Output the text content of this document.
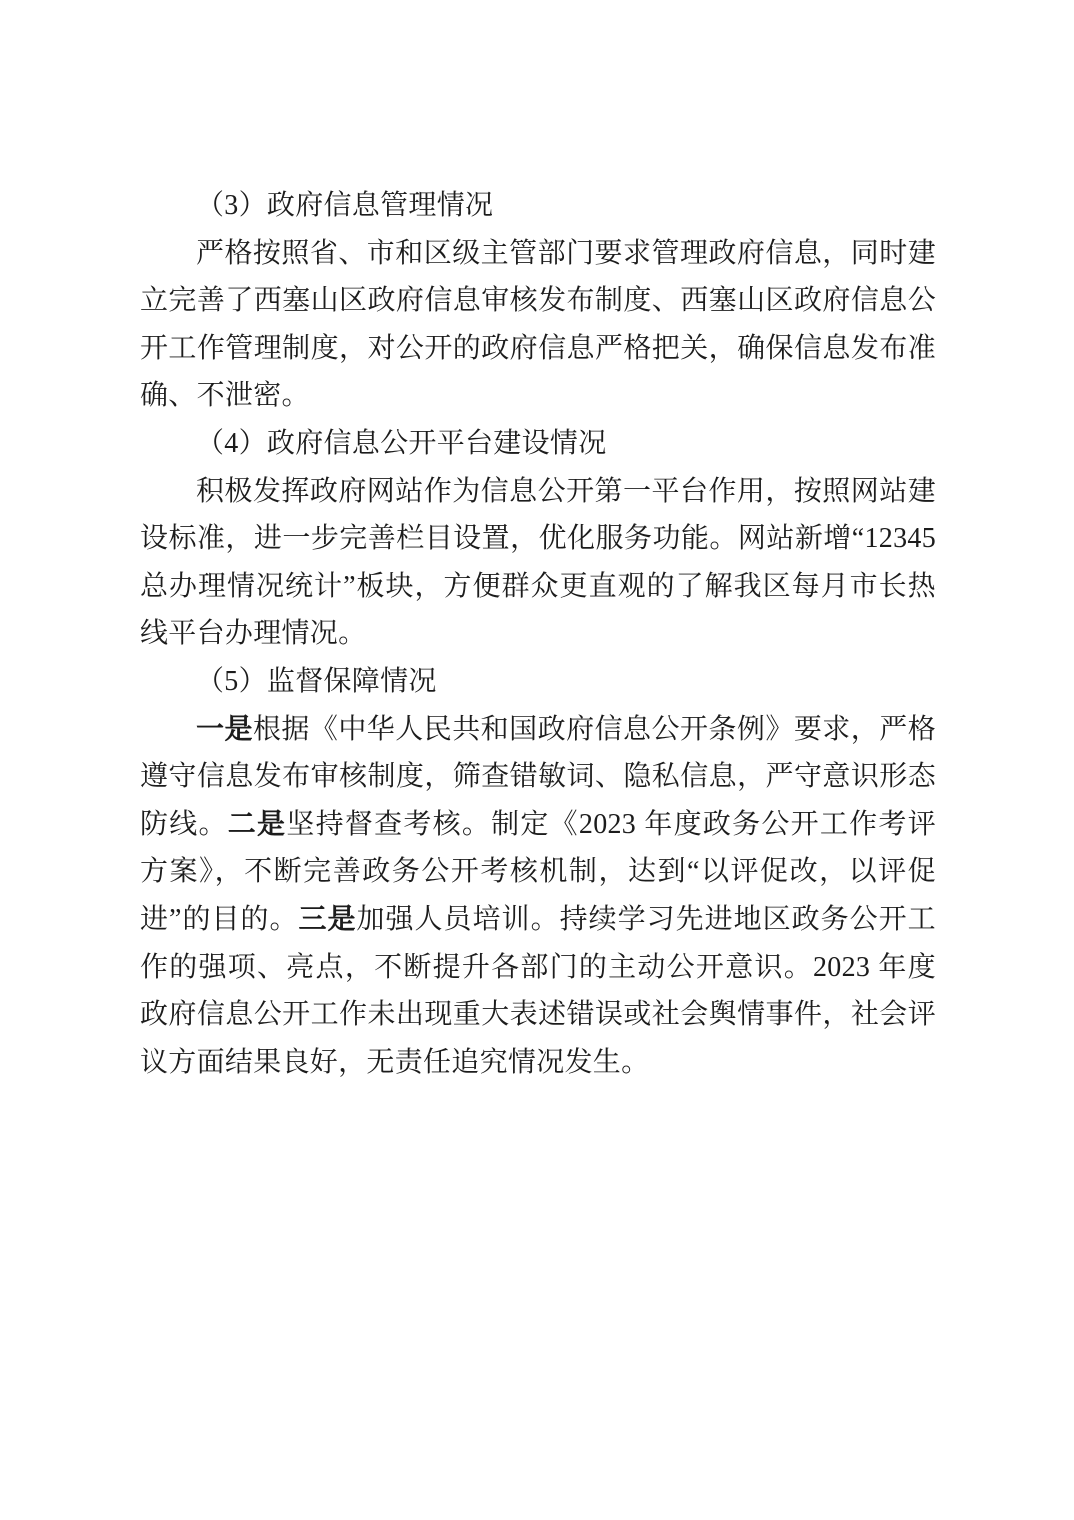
（3）政府信息管理情况

严格按照省、市和区级主管部门要求管理政府信息，同时建立完善了西塞山区政府信息审核发布制度、西塞山区政府信息公开工作管理制度，对公开的政府信息严格把关，确保信息发布准确、不泄密。

（4）政府信息公开平台建设情况

积极发挥政府网站作为信息公开第一平台作用，按照网站建设标准，进一步完善栏目设置，优化服务功能。网站新增“12345总办理情况统计”板块，方便群众更直观的了解我区每月市长热线平台办理情况。

（5）监督保障情况

一是根据《中华人民共和国政府信息公开条例》要求，严格遵守信息发布审核制度，筛查错敏词、隐私信息，严守意识形态防线。二是坚持督查考核。制定《2023 年度政务公开工作考评方案》，不断完善政务公开考核机制，达到“以评促改，以评促进”的目的。三是加强人员培训。持续学习先进地区政务公开工作的强项、亮点，不断提升各部门的主动公开意识。2023 年度政府信息公开工作未出现重大表述错误或社会舆情事件，社会评议方面结果良好，无责任追究情况发生。
